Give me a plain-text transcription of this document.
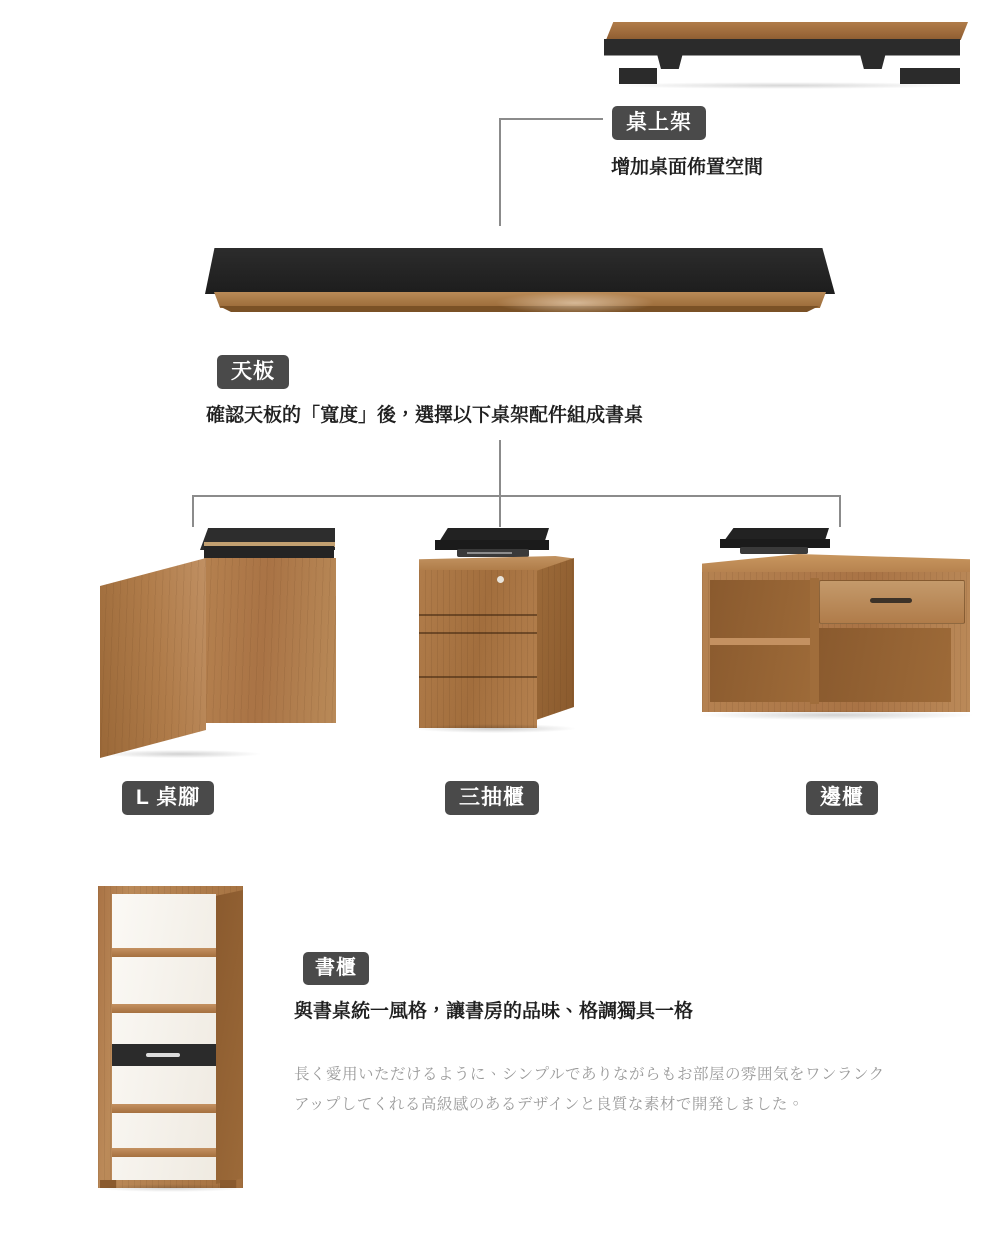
桌上架
增加桌面佈置空間
天板
確認天板的「寬度」後，選擇以下桌架配件組成書桌
L 桌腳	三抽櫃	邊櫃
書櫃
與書桌統一風格，讓書房的品味、格調獨具一格
長く愛用いただけるように、シンプルでありながらもお部屋の雰囲気をワンランクアップしてくれる高級感のあるデザインと良質な素材で開発しました。
